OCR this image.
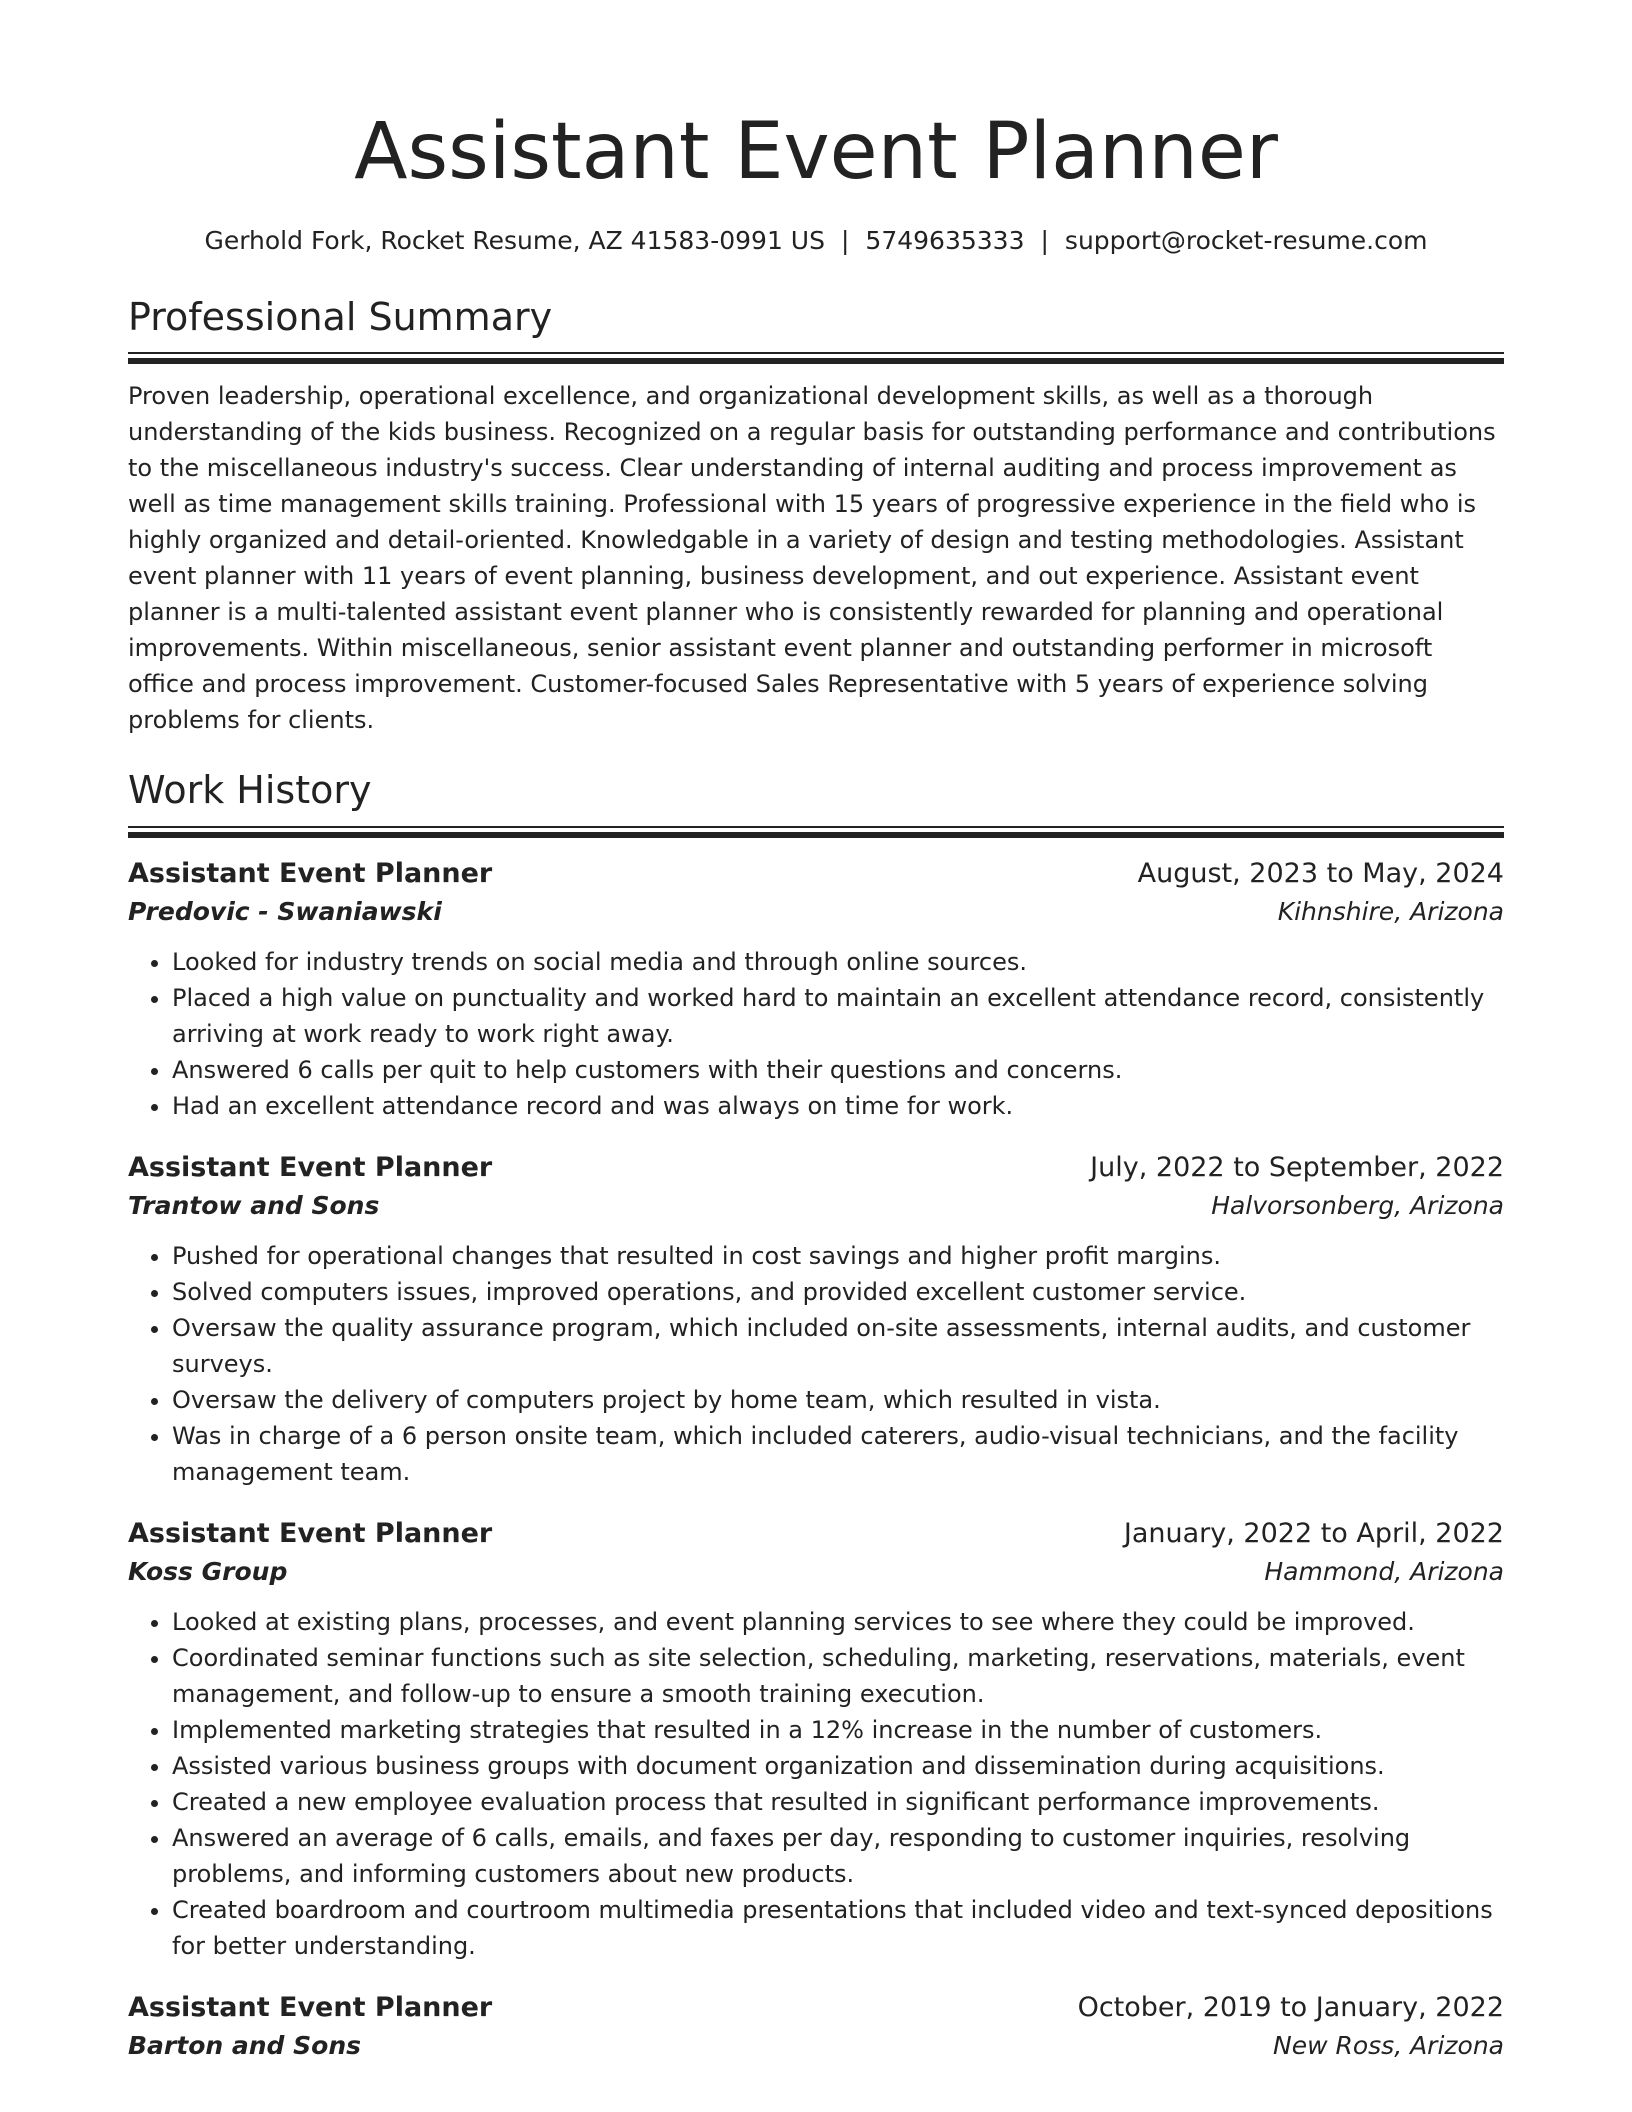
Assistant Event Planner
Gerhold Fork, Rocket Resume, AZ 41583-0991 US | 5749635333 | support@rocket-resume.com
Professional Summary
Proven leadership, operational excellence, and organizational development skills, as well as a thorough understanding of the kids business. Recognized on a regular basis for outstanding performance and contributions to the miscellaneous industry's success. Clear understanding of internal auditing and process improvement as well as time management skills training. Professional with 15 years of progressive experience in the field who is highly organized and detail-oriented. Knowledgable in a variety of design and testing methodologies. Assistant event planner with 11 years of event planning, business development, and out experience. Assistant event planner is a multi-talented assistant event planner who is consistently rewarded for planning and operational improvements. Within miscellaneous, senior assistant event planner and outstanding performer in microsoft office and process improvement. Customer-focused Sales Representative with 5 years of experience solving problems for clients.
Work History
Assistant Event Planner	August, 2023 to May, 2024
Predovic - Swaniawski	Kihnshire, Arizona
• Looked for industry trends on social media and through online sources.
• Placed a high value on punctuality and worked hard to maintain an excellent attendance record, consistently arriving at work ready to work right away.
• Answered 6 calls per quit to help customers with their questions and concerns.
• Had an excellent attendance record and was always on time for work.
Assistant Event Planner	July, 2022 to September, 2022
Trantow and Sons	Halvorsonberg, Arizona
• Pushed for operational changes that resulted in cost savings and higher profit margins.
• Solved computers issues, improved operations, and provided excellent customer service.
• Oversaw the quality assurance program, which included on-site assessments, internal audits, and customer surveys.
• Oversaw the delivery of computers project by home team, which resulted in vista.
• Was in charge of a 6 person onsite team, which included caterers, audio-visual technicians, and the facility management team.
Assistant Event Planner	January, 2022 to April, 2022
Koss Group	Hammond, Arizona
• Looked at existing plans, processes, and event planning services to see where they could be improved.
• Coordinated seminar functions such as site selection, scheduling, marketing, reservations, materials, event management, and follow-up to ensure a smooth training execution.
• Implemented marketing strategies that resulted in a 12% increase in the number of customers.
• Assisted various business groups with document organization and dissemination during acquisitions.
• Created a new employee evaluation process that resulted in significant performance improvements.
• Answered an average of 6 calls, emails, and faxes per day, responding to customer inquiries, resolving problems, and informing customers about new products.
• Created boardroom and courtroom multimedia presentations that included video and text-synced depositions for better understanding.
Assistant Event Planner	October, 2019 to January, 2022
Barton and Sons	New Ross, Arizona
